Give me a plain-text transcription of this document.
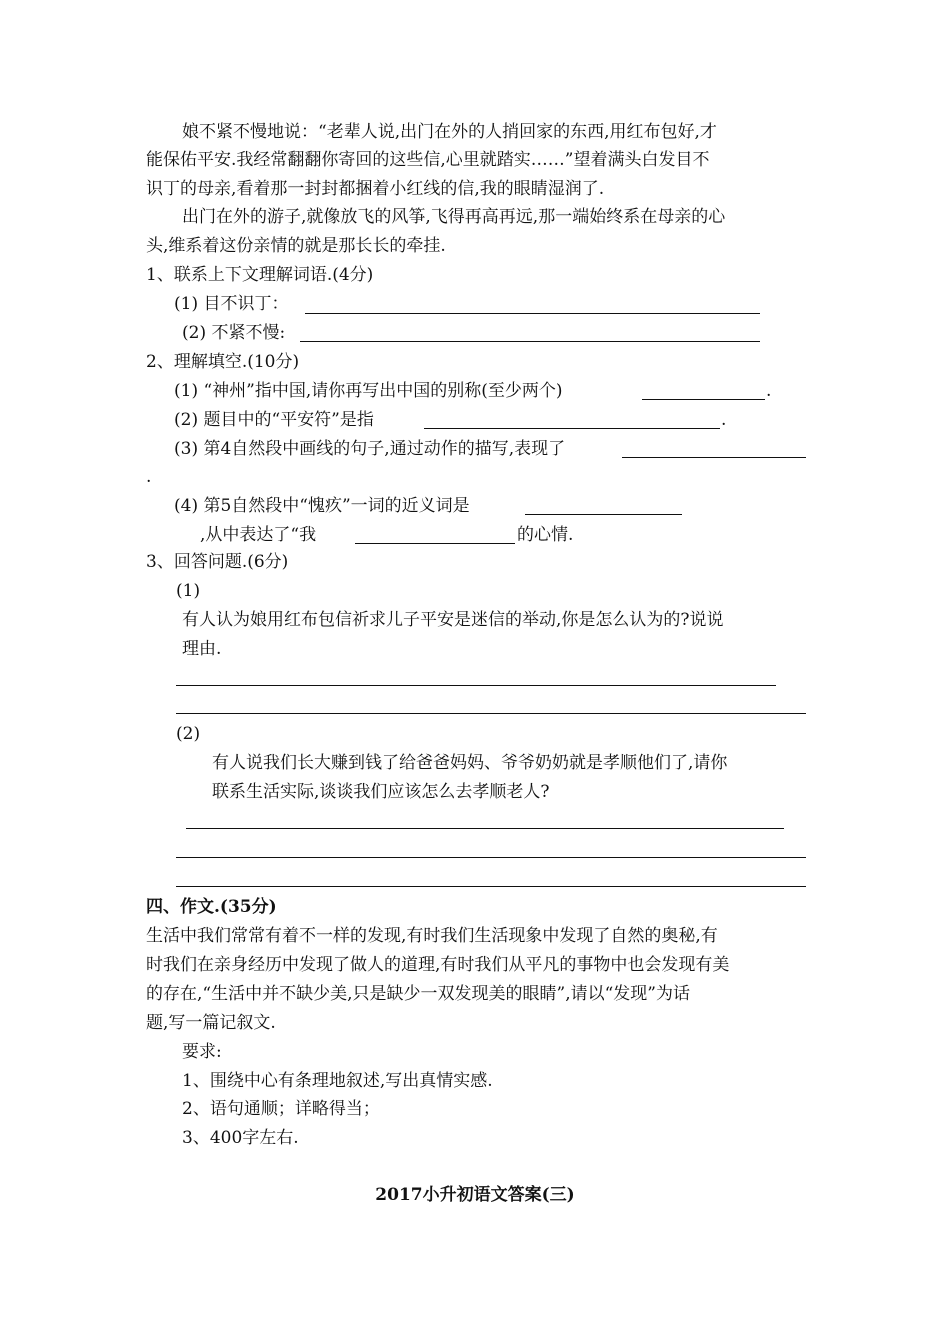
娘不紧不慢地说：“老辈人说,出门在外的人捎回家的东西,用红布包好,才
能保佑平安.我经常翻翻你寄回的这些信,心里就踏实……”望着满头白发目不
识丁的母亲,看着那一封封都捆着小红线的信,我的眼睛湿润了.
出门在外的游子,就像放飞的风筝,飞得再高再远,那一端始终系在母亲的心
头,维系着这份亲情的就是那长长的牵挂.
1、联系上下文理解词语.(4分)
(1) 目不识丁：
(2) 不紧不慢:
2、理解填空.(10分)
(1) “神州”指中国,请你再写出中国的别称(至少两个)	.
(2) 题目中的“平安符”是指	.
(3) 第4自然段中画线的句子,通过动作的描写,表现了
.
(4) 第5自然段中“愧疚”一词的近义词是
,从中表达了“我	的心情.
3、回答问题.(6分)
(1)
有人认为娘用红布包信祈求儿子平安是迷信的举动,你是怎么认为的?说说
理由.
(2)
有人说我们长大赚到钱了给爸爸妈妈、爷爷奶奶就是孝顺他们了,请你
联系生活实际,谈谈我们应该怎么去孝顺老人?
四、作文.(35分)
生活中我们常常有着不一样的发现,有时我们生活现象中发现了自然的奥秘,有
时我们在亲身经历中发现了做人的道理,有时我们从平凡的事物中也会发现有美
的存在,“生活中并不缺少美,只是缺少一双发现美的眼睛”,请以“发现”为话
题,写一篇记叙文.
要求:
1、围绕中心有条理地叙述,写出真情实感.
2、语句通顺；详略得当；
3、400字左右.
2017小升初语文答案(三)
